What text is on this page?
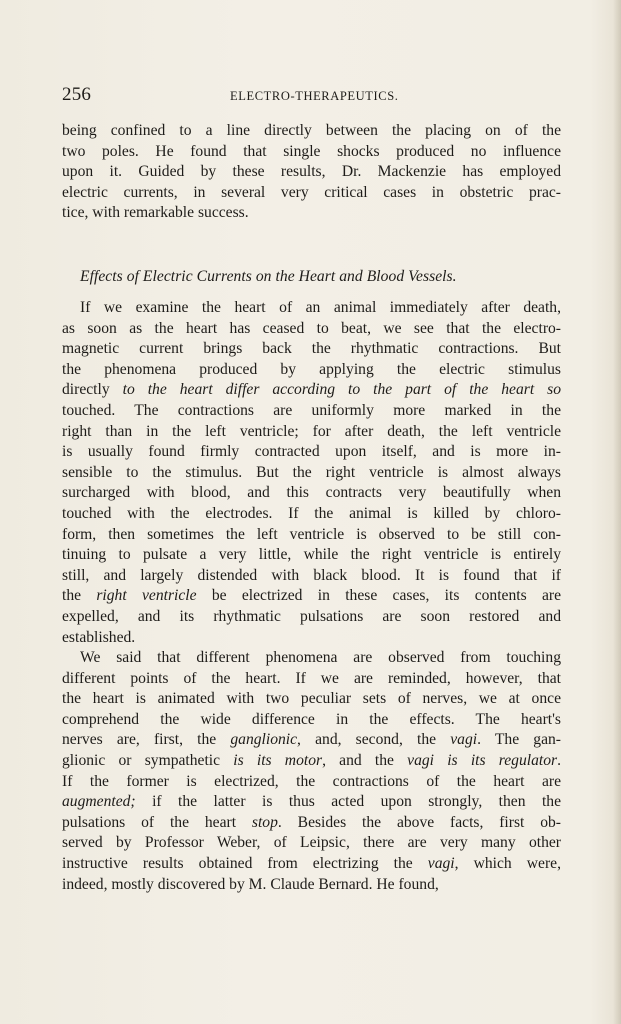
256	ELECTRO-THERAPEUTICS.
being confined to a line directly between the placing on of the
two poles. He found that single shocks produced no influence
upon it. Guided by these results, Dr. Mackenzie has employed
electric currents, in several very critical cases in obstetric prac-
tice, with remarkable success.
Effects of Electric Currents on the Heart and Blood Vessels.
If we examine the heart of an animal immediately after death,
as soon as the heart has ceased to beat, we see that the electro-
magnetic current brings back the rhythmatic contractions. But
the phenomena produced by applying the electric stimulus
directly to the heart differ according to the part of the heart so
touched. The contractions are uniformly more marked in the
right than in the left ventricle; for after death, the left ventricle
is usually found firmly contracted upon itself, and is more in-
sensible to the stimulus. But the right ventricle is almost always
surcharged with blood, and this contracts very beautifully when
touched with the electrodes. If the animal is killed by chloro-
form, then sometimes the left ventricle is observed to be still con-
tinuing to pulsate a very little, while the right ventricle is entirely
still, and largely distended with black blood. It is found that if
the right ventricle be electrized in these cases, its contents are
expelled, and its rhythmatic pulsations are soon restored and
established.
We said that different phenomena are observed from touching
different points of the heart. If we are reminded, however, that
the heart is animated with two peculiar sets of nerves, we at once
comprehend the wide difference in the effects. The heart's
nerves are, first, the ganglionic, and, second, the vagi. The gan-
glionic or sympathetic is its motor, and the vagi is its regulator.
If the former is electrized, the contractions of the heart are
augmented; if the latter is thus acted upon strongly, then the
pulsations of the heart stop. Besides the above facts, first ob-
served by Professor Weber, of Leipsic, there are very many other
instructive results obtained from electrizing the vagi, which were,
indeed, mostly discovered by M. Claude Bernard. He found,
